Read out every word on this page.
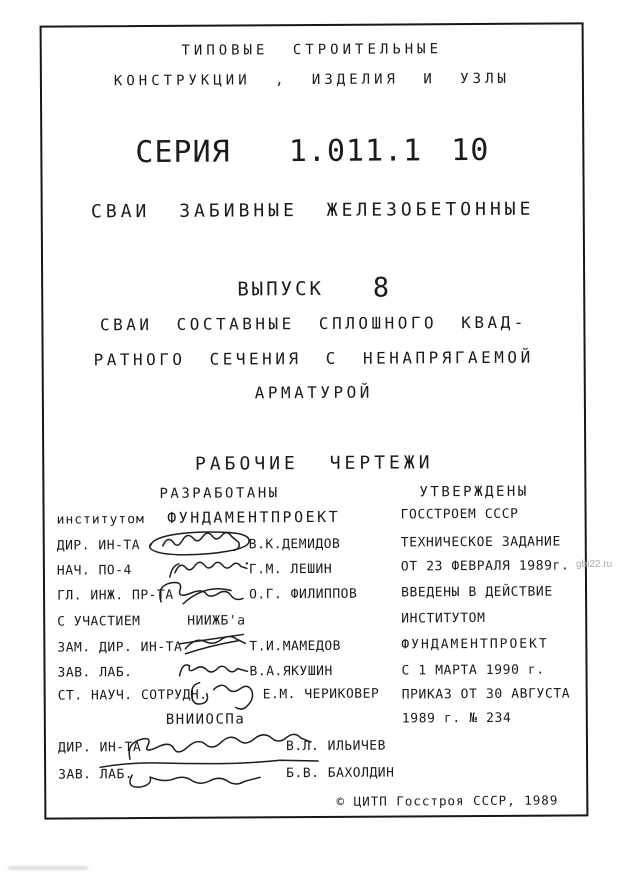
ТИПОВЫЕ СТРОИТЕЛЬНЫЕ
КОНСТРУКЦИИ , ИЗДЕЛИЯ И УЗЛЫ
СЕРИЯ 1.011.1 10
СВАИ ЗАБИВНЫЕ ЖЕЛЕЗОБЕТОННЫЕ
ВЫПУСК 8
СВАИ СОСТАВНЫЕ СПЛОШНОГО КВАД-
РАТНОГО СЕЧЕНИЯ С НЕНАПРЯГАЕМОЙ
АРМАТУРОЙ
РАБОЧИЕ ЧЕРТЕЖИ
РАЗРАБОТАНЫ	УТВЕРЖДЕНЫ
институтом ФУНДАМЕНТПРОЕКТ
ДИР. ИН-ТА	В.К.ДЕМИДОВ
НАЧ. ПО-4	Г.М. ЛЕШИН
ГЛ. ИНЖ. ПР-ТА	О.Г. ФИЛИППОВ
С УЧАСТИЕМ	НИИЖБ'а
ЗАМ. ДИР. ИН-ТА	Т.И.МАМЕДОВ
ЗАВ. ЛАБ.	В.А.ЯКУШИН
СТ. НАУЧ. СОТРУДН.	Е.М. ЧЕРИКОВЕР
ВНИИОСПа
ДИР. ИН-ТА	В.Л. ИЛЬИЧЕВ
ЗАВ. ЛАБ.	Б.В. БАХОЛДИН
ГОССТРОЕМ СССР
ТЕХНИЧЕСКОЕ ЗАДАНИЕ
ОТ 23 ФЕВРАЛЯ 1989г.
ВВЕДЕНЫ В ДЕЙСТВИЕ
ИНСТИТУТОМ
ФУНДАМЕНТПРОЕКТ
С 1 МАРТА 1990 г.
ПРИКАЗ ОТ 30 АВГУСТА
1989 г. № 234
© ЦИТП Госстроя СССР, 1989
gbi22.ru
